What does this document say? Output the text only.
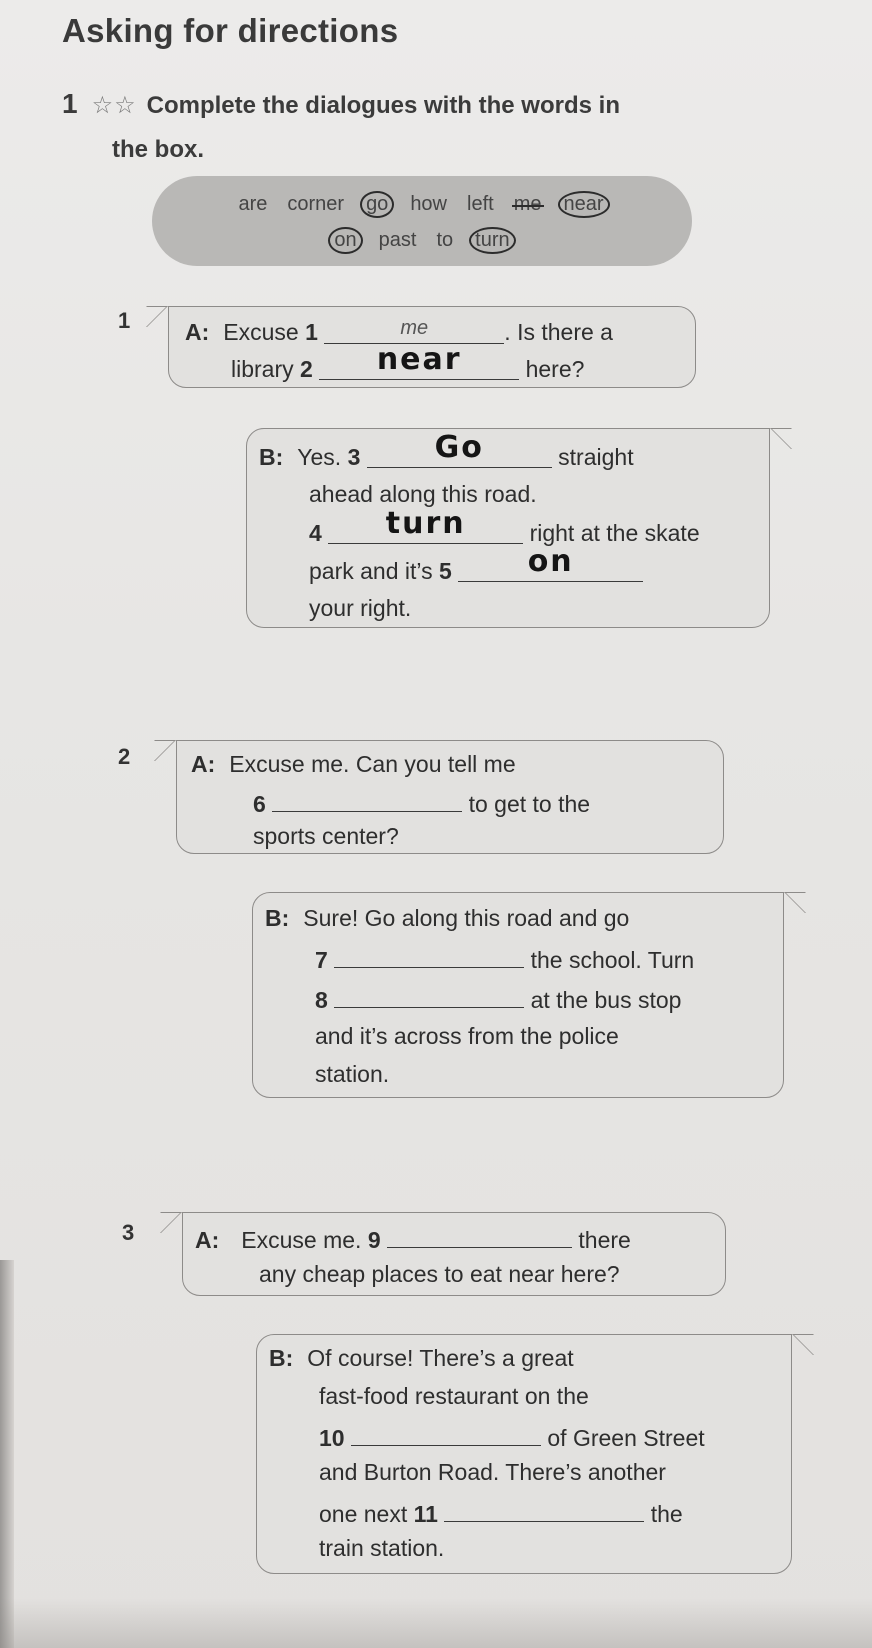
Asking for directions
1 ☆☆ Complete the dialogues with the words in
the box.
are corner go how left me near
on past to turn
1 A: Excuse 1	me	. Is there a
library 2 near	here?
B: Yes. 3 Go	straight
ahead along this road.
4 turn	right at the skate
park and it’s 5	on
your right.
2	A: Excuse me. Can you tell me
6	to get to the
sports center?
B: Sure! Go along this road and go
7	the school. Turn
8	at the bus stop
and it’s across from the police
station.
3	A: Excuse me. 9	there
any cheap places to eat near here?
B: Of course! There’s a great
fast-food restaurant on the
10	of Green Street
and Burton Road. There’s another
one next 11	the
train station.
